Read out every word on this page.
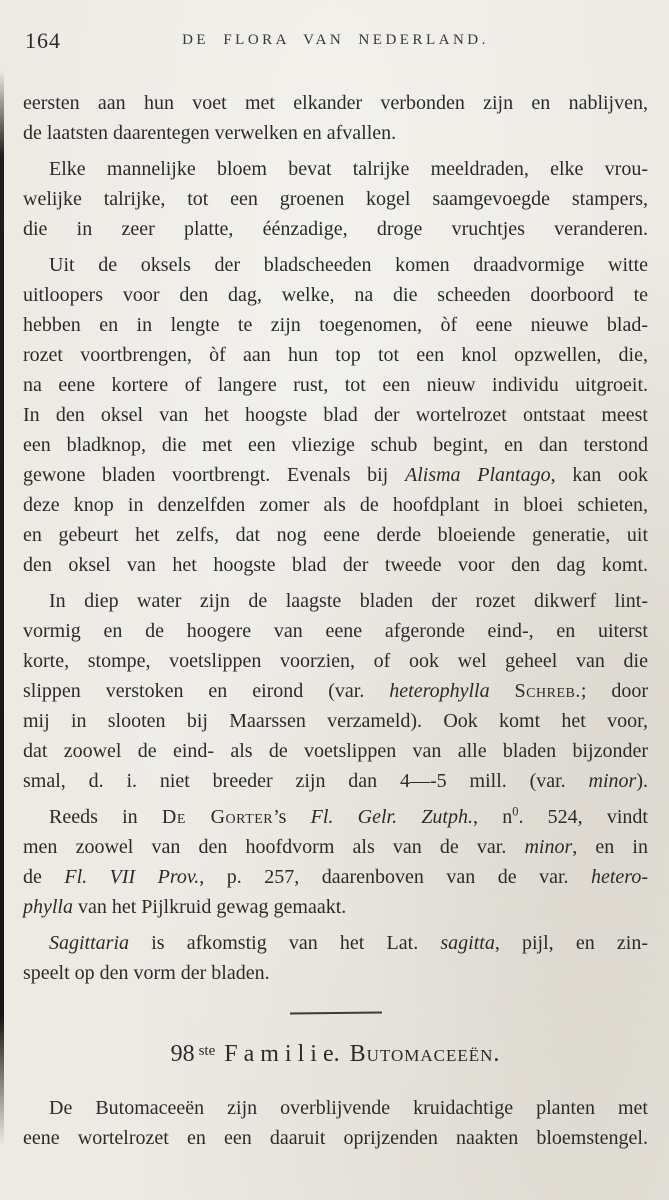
164	DE FLORA VAN NEDERLAND.
eersten aan hun voet met elkander verbonden zijn en nablijven,
de laatsten daarentegen verwelken en afvallen.
Elke mannelijke bloem bevat talrijke meeldraden, elke vrou-
welijke talrijke, tot een groenen kogel saamgevoegde stampers,
die in zeer platte, éénzadige, droge vruchtjes veranderen.
Uit de oksels der bladscheeden komen draadvormige witte
uitloopers voor den dag, welke, na die scheeden doorboord te
hebben en in lengte te zijn toegenomen, òf eene nieuwe blad-
rozet voortbrengen, òf aan hun top tot een knol opzwellen, die,
na eene kortere of langere rust, tot een nieuw individu uitgroeit.
In den oksel van het hoogste blad der wortelrozet ontstaat meest
een bladknop, die met een vliezige schub begint, en dan terstond
gewone bladen voortbrengt. Evenals bij Alisma Plantago, kan ook
deze knop in denzelfden zomer als de hoofdplant in bloei schieten,
en gebeurt het zelfs, dat nog eene derde bloeiende generatie, uit
den oksel van het hoogste blad der tweede voor den dag komt.
In diep water zijn de laagste bladen der rozet dikwerf lint-
vormig en de hoogere van eene afgeronde eind-, en uiterst
korte, stompe, voetslippen voorzien, of ook wel geheel van die
slippen verstoken en eirond (var. heterophylla Schreb.; door
mij in slooten bij Maarssen verzameld). Ook komt het voor,
dat zoowel de eind- als de voetslippen van alle bladen bijzonder
smal, d. i. niet breeder zijn dan 4—-5 mill. (var. minor).
Reeds in De Gorter’s Fl. Gelr. Zutph., $n^0$. 524, vindt
men zoowel van den hoofdvorm als van de var. minor, en in
de Fl. VII Prov., p. 257, daarenboven van de var. hetero-
phylla van het Pijlkruid gewag gemaakt.
Sagittaria is afkomstig van het Lat. sagitta, pijl, en zin-
speelt op den vorm der bladen.
98 $^{ste}$ F a m i l i e. Butomaceeën.
De Butomaceeën zijn overblijvende kruidachtige planten met
eene wortelrozet en een daaruit oprijzenden naakten bloemstengel.
